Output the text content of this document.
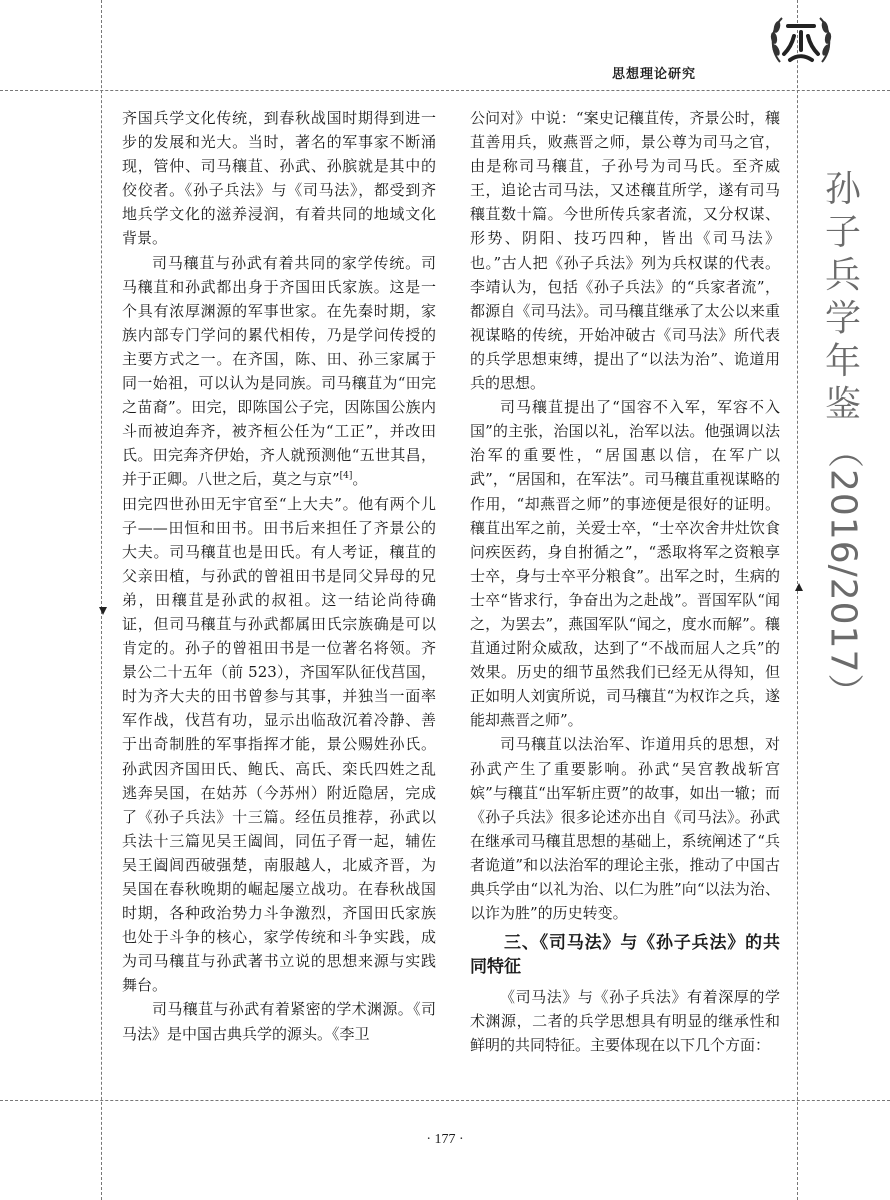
思想理论研究
孙
子
兵
学
年
鉴
（2016/2017）

齐国兵学文化传统，到春秋战国时期得到进一步的发展和光大。当时，著名的军事家不断涌现，管仲、司马穰苴、孙武、孙膑就是其中的佼佼者。《孙子兵法》与《司马法》，都受到齐地兵学文化的滋养浸润，有着共同的地域文化背景。

司马穰苴与孙武有着共同的家学传统。司马穰苴和孙武都出身于齐国田氏家族。这是一个具有浓厚渊源的军事世家。在先秦时期，家族内部专门学问的累代相传，乃是学问传授的主要方式之一。在齐国，陈、田、孙三家属于同一始祖，可以认为是同族。司马穰苴为“田完之苗裔”。田完，即陈国公子完，因陈国公族内斗而被迫奔齐，被齐桓公任为“工正”，并改田氏。田完奔齐伊始，齐人就预测他“五世其昌，并于正卿。八世之后，莫之与京”[4]。

田完四世孙田无宇官至“上大夫”。他有两个儿子——田恒和田书。田书后来担任了齐景公的大夫。司马穰苴也是田氏。有人考证，穰苴的父亲田植，与孙武的曾祖田书是同父异母的兄弟，田穰苴是孙武的叔祖。这一结论尚待确证，但司马穰苴与孙武都属田氏宗族确是可以肯定的。孙子的曾祖田书是一位著名将领。齐景公二十五年（前 523），齐国军队征伐莒国，时为齐大夫的田书曾参与其事，并独当一面率军作战，伐莒有功，显示出临敌沉着冷静、善于出奇制胜的军事指挥才能，景公赐姓孙氏。孙武因齐国田氏、鲍氏、高氏、栾氏四姓之乱逃奔吴国，在姑苏（今苏州）附近隐居，完成了《孙子兵法》十三篇。经伍员推荐，孙武以兵法十三篇见吴王阖闾，同伍子胥一起，辅佐吴王阖闾西破强楚，南服越人，北威齐晋，为吴国在春秋晚期的崛起屡立战功。在春秋战国时期，各种政治势力斗争激烈，齐国田氏家族也处于斗争的核心，家学传统和斗争实践，成为司马穰苴与孙武著书立说的思想来源与实践舞台。

司马穰苴与孙武有着紧密的学术渊源。《司马法》是中国古典兵学的源头。《李卫

公问对》中说：“案史记穰苴传，齐景公时，穰苴善用兵，败燕晋之师，景公尊为司马之官，由是称司马穰苴，子孙号为司马氏。至齐威王，追论古司马法，又述穰苴所学，遂有司马穰苴数十篇。今世所传兵家者流，又分权谋、形势、阴阳、技巧四种，皆出《司马法》也。”古人把《孙子兵法》列为兵权谋的代表。李靖认为，包括《孙子兵法》的“兵家者流”，都源自《司马法》。司马穰苴继承了太公以来重视谋略的传统，开始冲破古《司马法》所代表的兵学思想束缚，提出了“以法为治”、诡道用兵的思想。

司马穰苴提出了“国容不入军，军容不入国”的主张，治国以礼，治军以法。他强调以法治军的重要性，“居国惠以信，在军广以武”，“居国和，在军法”。司马穰苴重视谋略的作用，“却燕晋之师”的事迹便是很好的证明。穰苴出军之前，关爱士卒，“士卒次舍井灶饮食问疾医药，身自拊循之”，“悉取将军之资粮享士卒，身与士卒平分粮食”。出军之时，生病的士卒“皆求行，争奋出为之赴战”。晋国军队“闻之，为罢去”，燕国军队“闻之，度水而解”。穰苴通过附众威敌，达到了“不战而屈人之兵”的效果。历史的细节虽然我们已经无从得知，但正如明人刘寅所说，司马穰苴“为权诈之兵，遂能却燕晋之师”。

司马穰苴以法治军、诈道用兵的思想，对孙武产生了重要影响。孙武“吴宫教战斩宫嫔”与穰苴“出军斩庄贾”的故事，如出一辙；而《孙子兵法》很多论述亦出自《司马法》。孙武在继承司马穰苴思想的基础上，系统阐述了“兵者诡道”和以法治军的理论主张，推动了中国古典兵学由“以礼为治、以仁为胜”向“以法为治、以诈为胜”的历史转变。

三、《司马法》与《孙子兵法》的共同特征

《司马法》与《孙子兵法》有着深厚的学术渊源，二者的兵学思想具有明显的继承性和鲜明的共同特征。主要体现在以下几个方面：

· 177 ·
